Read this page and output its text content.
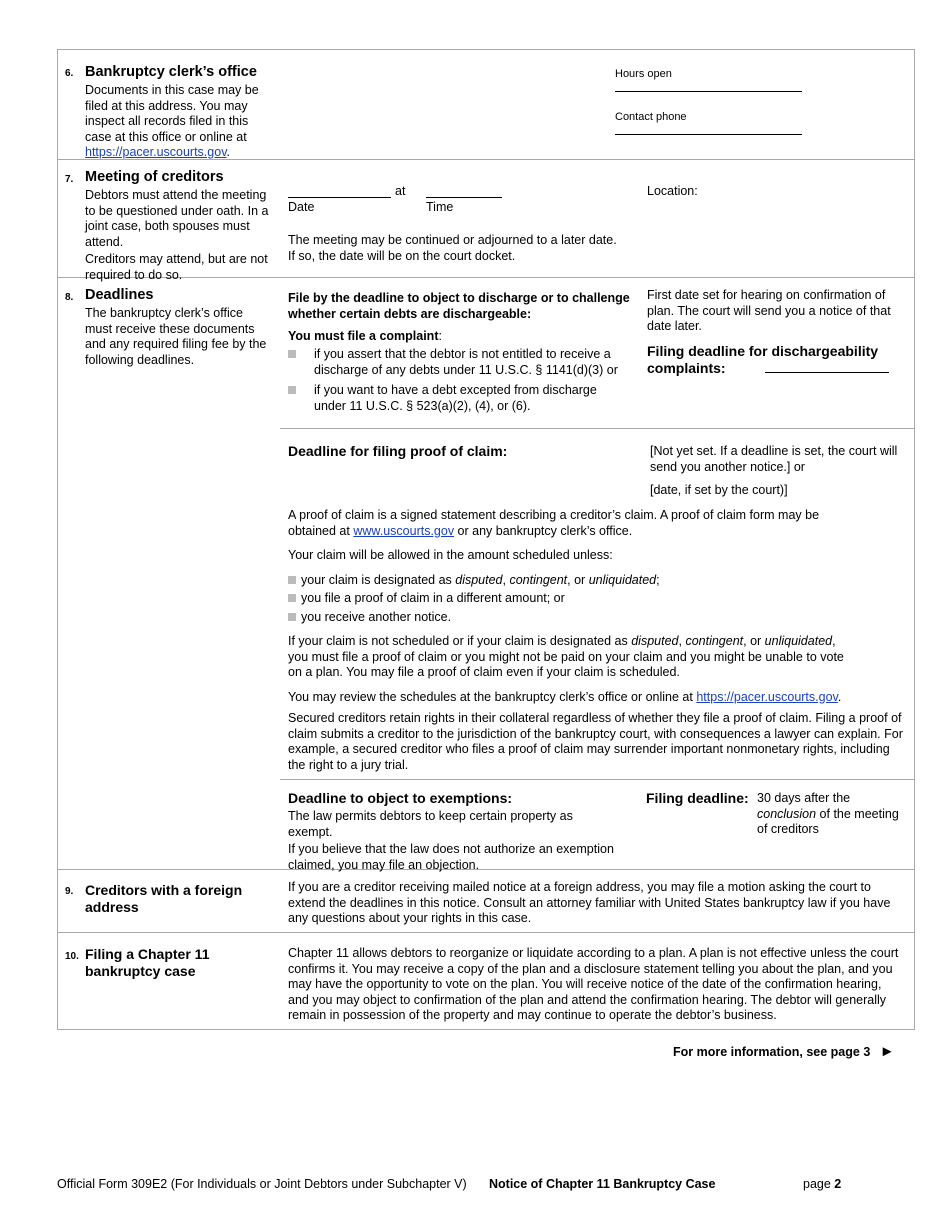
6. Bankruptcy clerk’s office
Documents in this case may be
filed at this address. You may
inspect all records filed in this
case at this office or online at
https://pacer.uscourts.gov.
Hours open
Contact phone
7. Meeting of creditors
Debtors must attend the meeting
to be questioned under oath. In a
joint case, both spouses must
attend.
Creditors may attend, but are not
required to do so.
at
Date	Time
Location:
The meeting may be continued or adjourned to a later date.
If so, the date will be on the court docket.
8. Deadlines
The bankruptcy clerk’s office
must receive these documents
and any required filing fee by the
following deadlines.
File by the deadline to object to discharge or to challenge
whether certain debts are dischargeable:
You must file a complaint:
if you assert that the debtor is not entitled to receive a
discharge of any debts under 11 U.S.C. § 1141(d)(3) or
if you want to have a debt excepted from discharge
under 11 U.S.C. § 523(a)(2), (4), or (6).
First date set for hearing on confirmation of
plan. The court will send you a notice of that
date later.
Filing deadline for dischargeability
complaints:
Deadline for filing proof of claim:	[Not yet set. If a deadline is set, the court will
send you another notice.] or
[date, if set by the court)]
A proof of claim is a signed statement describing a creditor’s claim. A proof of claim form may be
obtained at www.uscourts.gov or any bankruptcy clerk’s office.
Your claim will be allowed in the amount scheduled unless:
your claim is designated as disputed, contingent, or unliquidated;
you file a proof of claim in a different amount; or
you receive another notice.
If your claim is not scheduled or if your claim is designated as disputed, contingent, or unliquidated,
you must file a proof of claim or you might not be paid on your claim and you might be unable to vote
on a plan. You may file a proof of claim even if your claim is scheduled.
You may review the schedules at the bankruptcy clerk’s office or online at https://pacer.uscourts.gov.
Secured creditors retain rights in their collateral regardless of whether they file a proof of claim. Filing a proof of
claim submits a creditor to the jurisdiction of the bankruptcy court, with consequences a lawyer can explain. For
example, a secured creditor who files a proof of claim may surrender important nonmonetary rights, including
the right to a jury trial.
Deadline to object to exemptions:
The law permits debtors to keep certain property as
exempt.
If you believe that the law does not authorize an exemption
claimed, you may file an objection.
Filing deadline: 30 days after the
conclusion of the meeting
of creditors
9. Creditors with a foreign
address
If you are a creditor receiving mailed notice at a foreign address, you may file a motion asking the court to
extend the deadlines in this notice. Consult an attorney familiar with United States bankruptcy law if you have
any questions about your rights in this case.
10. Filing a Chapter 11
bankruptcy case
Chapter 11 allows debtors to reorganize or liquidate according to a plan. A plan is not effective unless the court
confirms it. You may receive a copy of the plan and a disclosure statement telling you about the plan, and you
may have the opportunity to vote on the plan. You will receive notice of the date of the confirmation hearing,
and you may object to confirmation of the plan and attend the confirmation hearing. The debtor will generally
remain in possession of the property and may continue to operate the debtor’s business.
For more information, see page 3 ►
Official Form 309E2 (For Individuals or Joint Debtors under Subchapter V) Notice of Chapter 11 Bankruptcy Case	page 2
